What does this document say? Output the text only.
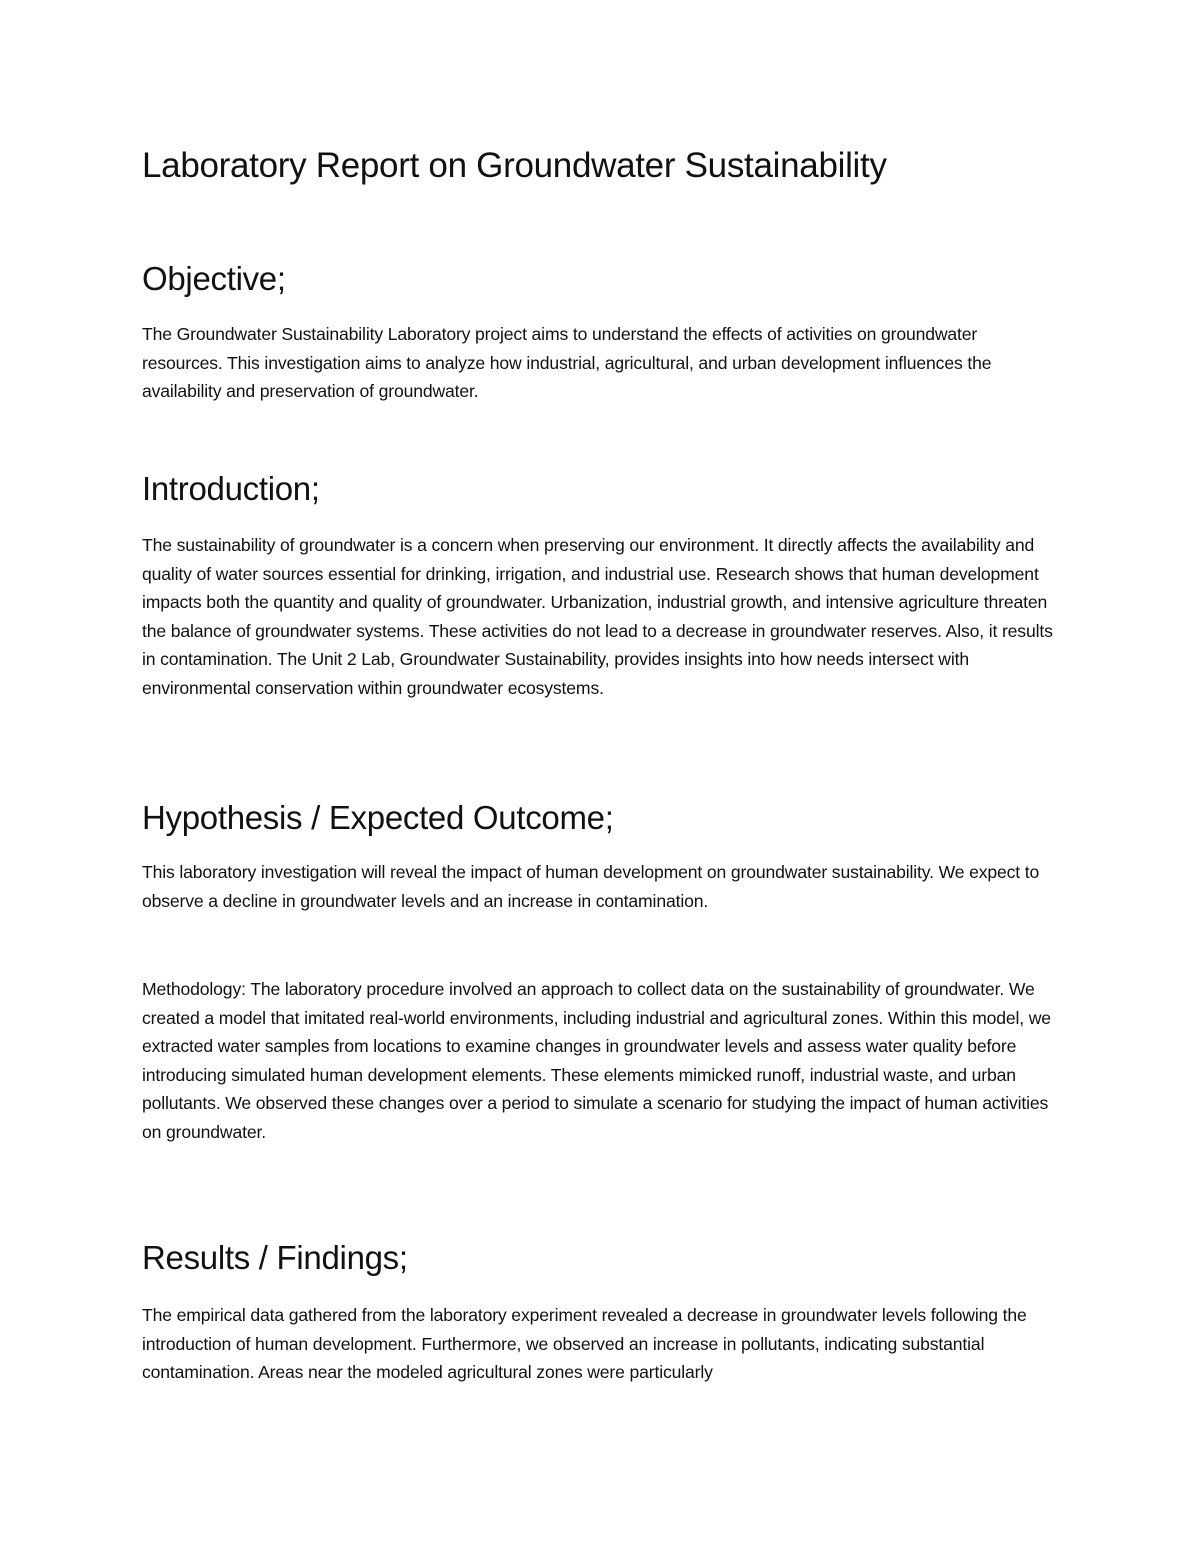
Laboratory Report on Groundwater Sustainability
Objective;

The Groundwater Sustainability Laboratory project aims to understand the effects of activities on groundwater resources. This investigation aims to analyze how industrial, agricultural, and urban development influences the availability and preservation of groundwater.

Introduction;

The sustainability of groundwater is a concern when preserving our environment. It directly affects the availability and quality of water sources essential for drinking, irrigation, and industrial use. Research shows that human development impacts both the quantity and quality of groundwater. Urbanization, industrial growth, and intensive agriculture threaten the balance of groundwater systems. These activities do not lead to a decrease in groundwater reserves. Also, it results in contamination. The Unit 2 Lab, Groundwater Sustainability, provides insights into how needs intersect with environmental conservation within groundwater ecosystems.

Hypothesis / Expected Outcome;

This laboratory investigation will reveal the impact of human development on groundwater sustainability. We expect to observe a decline in groundwater levels and an increase in contamination.

Methodology: The laboratory procedure involved an approach to collect data on the sustainability of groundwater. We created a model that imitated real-world environments, including industrial and agricultural zones. Within this model, we extracted water samples from locations to examine changes in groundwater levels and assess water quality before introducing simulated human development elements. These elements mimicked runoff, industrial waste, and urban pollutants. We observed these changes over a period to simulate a scenario for studying the impact of human activities on groundwater.

Results / Findings;

The empirical data gathered from the laboratory experiment revealed a decrease in groundwater levels following the introduction of human development. Furthermore, we observed an increase in pollutants, indicating substantial contamination. Areas near the modeled agricultural zones were particularly
